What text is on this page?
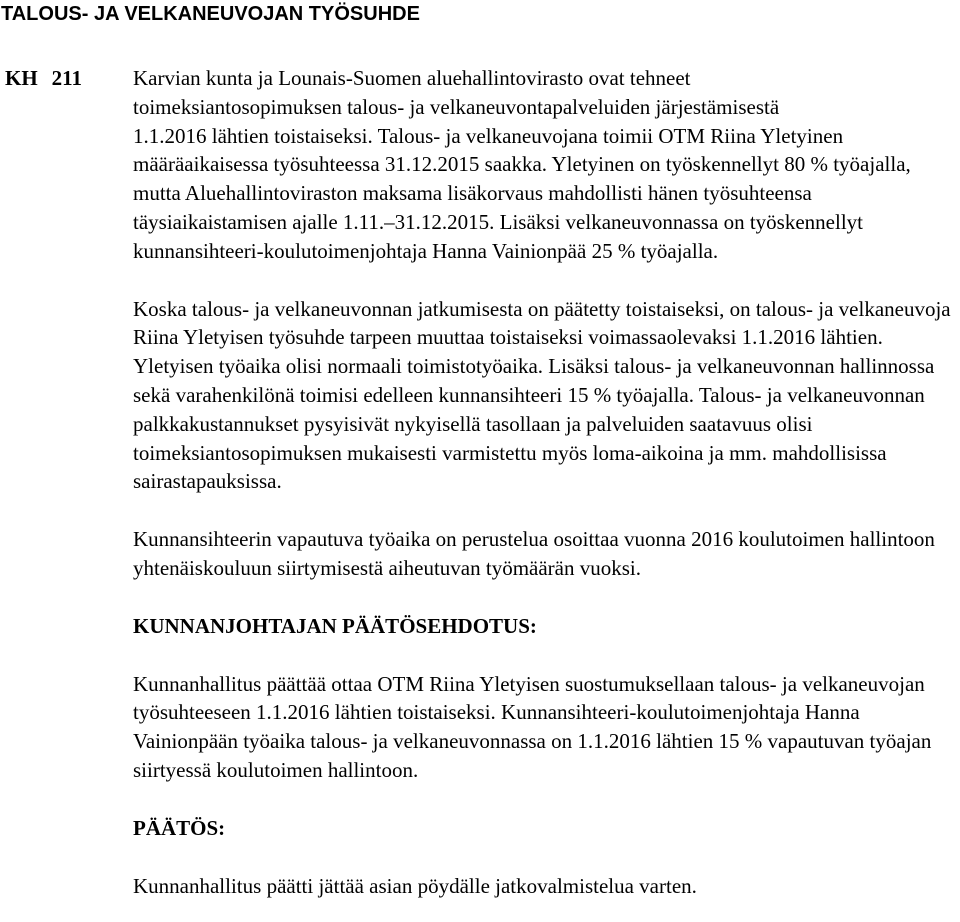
TALOUS- JA VELKANEUVOJAN TYÖSUHDE
KH 211 Karvian kunta ja Lounais-Suomen aluehallintovirasto ovat tehneet
toimeksiantosopimuksen talous- ja velkaneuvontapalveluiden järjestämisestä
1.1.2016 lähtien toistaiseksi. Talous- ja velkaneuvojana toimii OTM Riina Yletyinen määräaikaisessa työsuhteessa 31.12.2015 saakka. Yletyinen on työskennellyt 80 % työajalla, mutta Aluehallintoviraston maksama lisäkorvaus mahdollisti hänen työsuhteensa täysiaikaistamisen ajalle 1.11.–31.12.2015. Lisäksi velkaneuvonnassa on työskennellyt kunnansihteeri-koulutoimenjohtaja Hanna Vainionpää 25 % työajalla.

Koska talous- ja velkaneuvonnan jatkumisesta on päätetty toistaiseksi, on talous- ja velkaneuvoja Riina Yletyisen työsuhde tarpeen muuttaa toistaiseksi voimassaolevaksi 1.1.2016 lähtien. Yletyisen työaika olisi normaali toimistotyöaika. Lisäksi talous- ja velkaneuvonnan hallinnossa sekä varahenkilönä toimisi edelleen kunnansihteeri 15 % työajalla. Talous- ja velkaneuvonnan palkkakustannukset pysyisivät nykyisellä tasollaan ja palveluiden saatavuus olisi toimeksiantosopimuksen mukaisesti varmistettu myös loma-aikoina ja mm. mahdollisissa sairastapauksissa.

Kunnansihteerin vapautuva työaika on perustelua osoittaa vuonna 2016 koulutoimen hallintoon yhtenäiskouluun siirtymisestä aiheutuvan työmäärän vuoksi.

KUNNANJOHTAJAN PÄÄTÖSEHDOTUS:

Kunnanhallitus päättää ottaa OTM Riina Yletyisen suostumuksellaan talous- ja velkaneuvojan työsuhteeseen 1.1.2016 lähtien toistaiseksi. Kunnansihteeri-koulutoimenjohtaja Hanna Vainionpään työaika talous- ja velkaneuvonnassa on 1.1.2016 lähtien 15 % vapautuvan työajan siirtyessä koulutoimen hallintoon.

PÄÄTÖS:

Kunnanhallitus päätti jättää asian pöydälle jatkovalmistelua varten.
